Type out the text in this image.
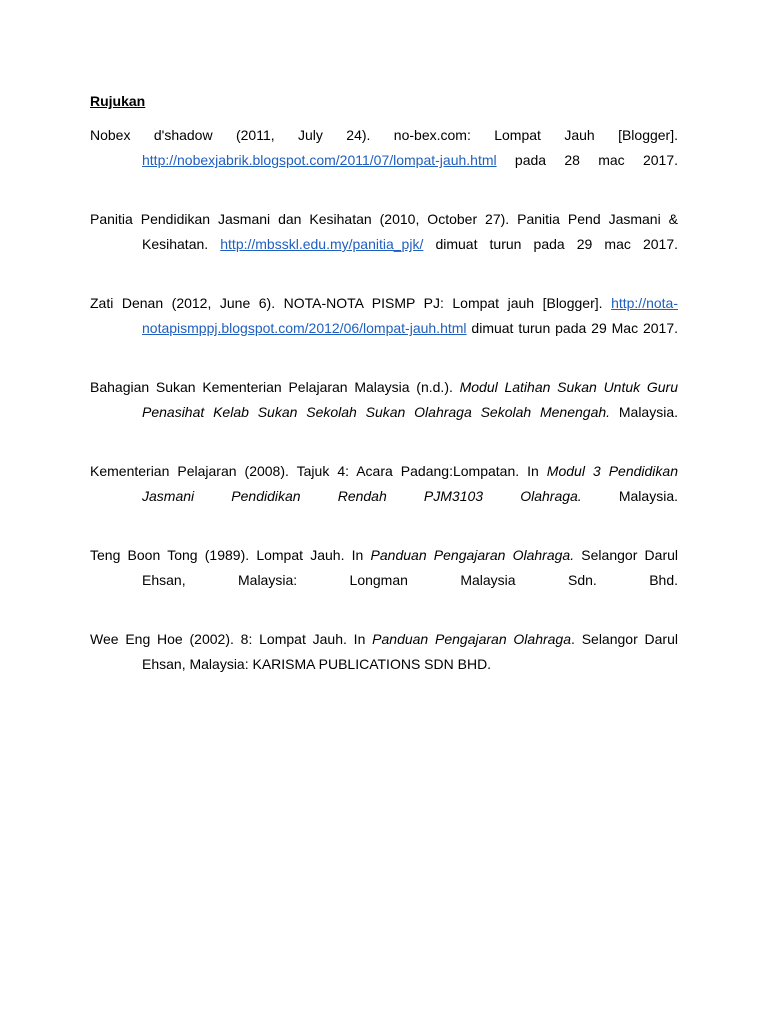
Rujukan

Nobex d'shadow (2011, July 24). no-bex.com: Lompat Jauh [Blogger]. http://nobexjabrik.blogspot.com/2011/07/lompat-jauh.html pada 28 mac 2017.

Panitia Pendidikan Jasmani dan Kesihatan (2010, October 27). Panitia Pend Jasmani & Kesihatan. http://mbsskl.edu.my/panitia_pjk/ dimuat turun pada 29 mac 2017.

Zati Denan (2012, June 6). NOTA-NOTA PISMP PJ: Lompat jauh [Blogger]. http://nota-notapismppj.blogspot.com/2012/06/lompat-jauh.html dimuat turun pada 29 Mac 2017.

Bahagian Sukan Kementerian Pelajaran Malaysia (n.d.). Modul Latihan Sukan Untuk Guru Penasihat Kelab Sukan Sekolah Sukan Olahraga Sekolah Menengah. Malaysia.

Kementerian Pelajaran (2008). Tajuk 4: Acara Padang:Lompatan. In Modul 3 Pendidikan Jasmani Pendidikan Rendah PJM3103 Olahraga. Malaysia.

Teng Boon Tong (1989). Lompat Jauh. In Panduan Pengajaran Olahraga. Selangor Darul Ehsan, Malaysia: Longman Malaysia Sdn. Bhd.

Wee Eng Hoe (2002). 8: Lompat Jauh. In Panduan Pengajaran Olahraga. Selangor Darul Ehsan, Malaysia: KARISMA PUBLICATIONS SDN BHD.
